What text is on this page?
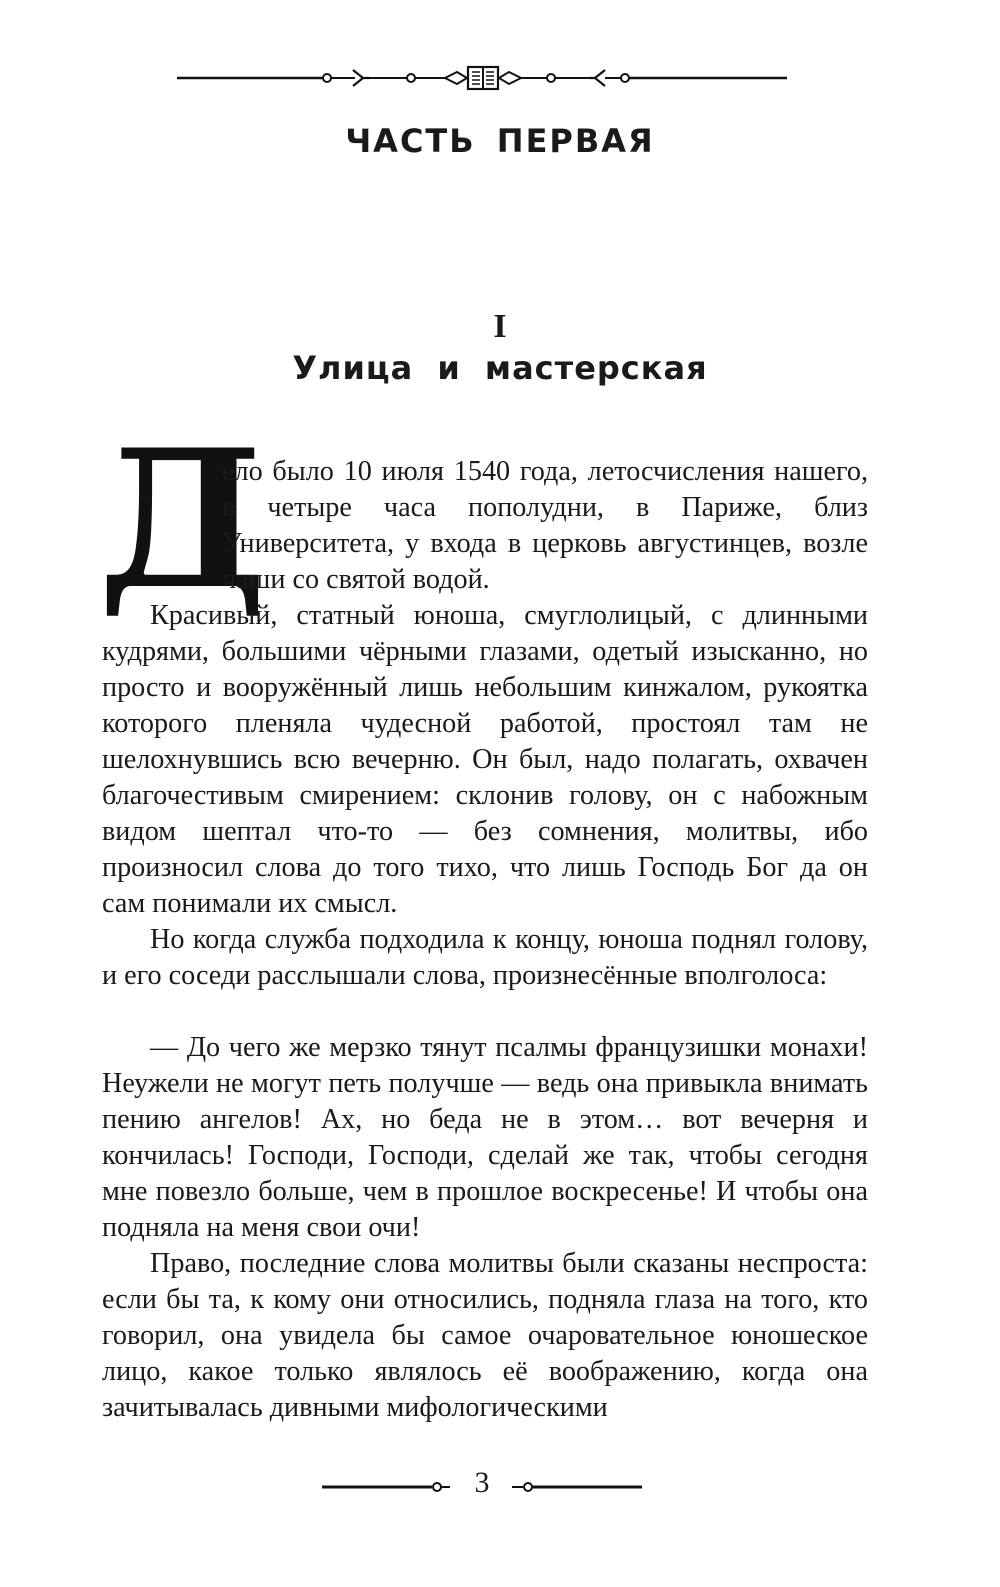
ЧАСТЬ ПЕРВАЯ
I
Улица и мастерская
Д

ело было 10 июля 1540 года, летосчисления нашего, в четыре часа пополудни, в Париже, близ Университета, у входа в церковь августинцев, возле чаши со святой водой.

Красивый, статный юноша, смуглолицый, с длинными кудрями, большими чёрными глазами, одетый изысканно, но просто и вооружённый лишь небольшим кинжалом, рукоятка которого пленяла чудесной работой, простоял там не шелохнувшись всю вечерню. Он был, надо полагать, охвачен благочестивым смирением: склонив голову, он с набожным видом шептал что-то — без сомнения, молитвы, ибо произносил слова до того тихо, что лишь Господь Бог да он сам понимали их смысл.

Но когда служба подходила к концу, юноша поднял голову, и его соседи расслышали слова, произнесённые вполголоса:

— До чего же мерзко тянут псалмы французишки монахи! Неужели не могут петь получше — ведь она привыкла внимать пению ангелов! Ах, но беда не в этом… вот вечерня и кончилась! Господи, Господи, сделай же так, чтобы сегодня мне повезло больше, чем в прошлое воскресенье! И чтобы она подняла на меня свои очи!

Право, последние слова молитвы были сказаны неспроста: если бы та, к кому они относились, подняла глаза на того, кто говорил, она увидела бы самое очаровательное юношеское лицо, какое только являлось её воображению, когда она зачитывалась дивными мифологическими

3
